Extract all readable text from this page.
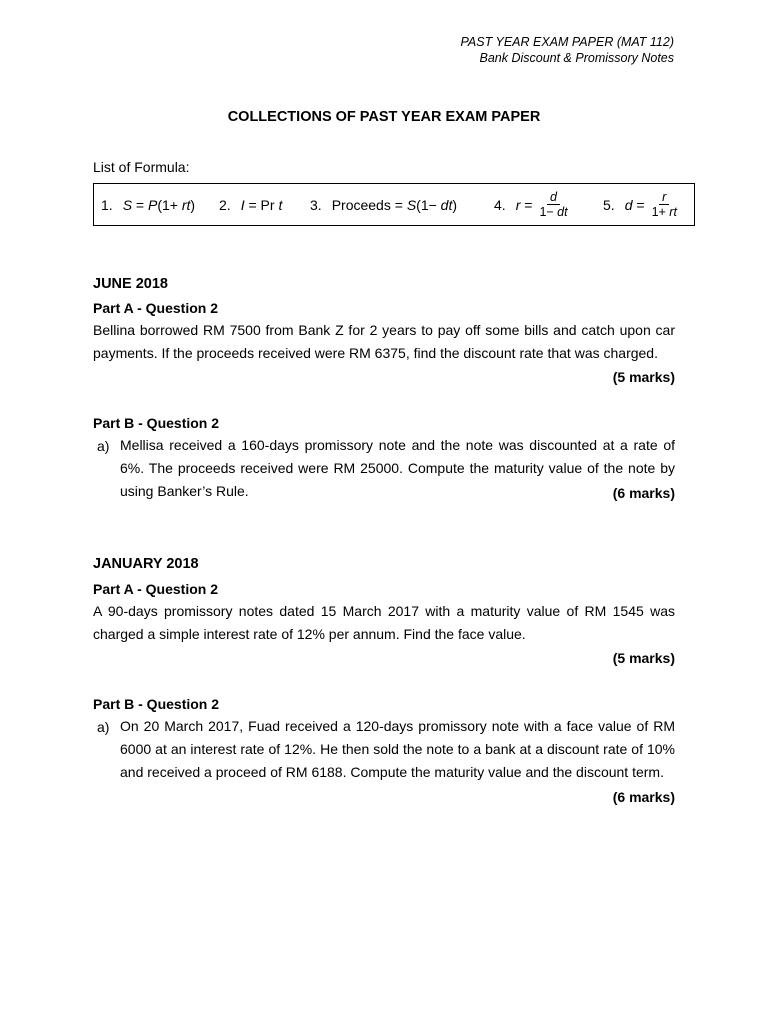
PAST YEAR EXAM PAPER (MAT 112)
Bank Discount & Promissory Notes
COLLECTIONS OF PAST YEAR EXAM PAPER
List of Formula:
1. S = P(1+ rt) 2. I = Pr t 3. Proceeds = S(1− dt)	4. $r = \frac{d}{1- dt} 5$. $d = \frac{r}{1+ rt}$
JUNE 2018
Part A - Question 2
Bellina borrowed RM 7500 from Bank Z for 2 years to pay off some bills and catch upon car payments. If the proceeds received were RM 6375, find the discount rate that was charged.
(5 marks)
Part B - Question 2
a) Mellisa received a 160-days promissory note and the note was discounted at a rate of 6%. The proceeds received were RM 25000. Compute the maturity value of the note by using Banker’s Rule.	(6 marks)
JANUARY 2018
Part A - Question 2
A 90-days promissory notes dated 15 March 2017 with a maturity value of RM 1545 was charged a simple interest rate of 12% per annum. Find the face value.
(5 marks)
Part B - Question 2
a) On 20 March 2017, Fuad received a 120-days promissory note with a face value of RM 6000 at an interest rate of 12%. He then sold the note to a bank at a discount rate of 10% and received a proceed of RM 6188. Compute the maturity value and the discount term.
(6 marks)
